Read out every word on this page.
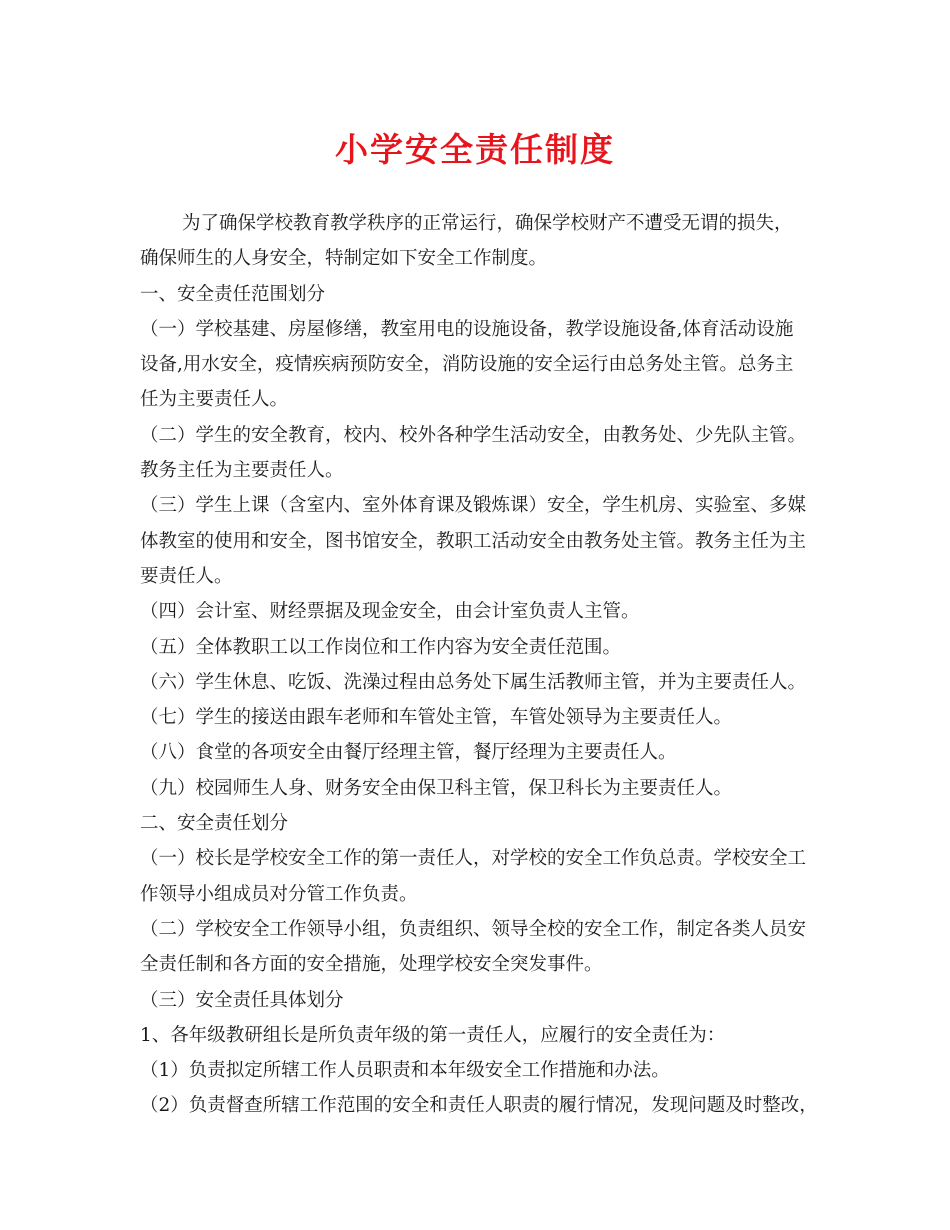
小学安全责任制度

为了确保学校教育教学秩序的正常运行，确保学校财产不遭受无谓的损失，

确保师生的人身安全，特制定如下安全工作制度。

一、安全责任范围划分

（一）学校基建、房屋修缮，教室用电的设施设备，教学设施设备,体育活动设施

设备,用水安全，疫情疾病预防安全，消防设施的安全运行由总务处主管。总务主

任为主要责任人。

（二）学生的安全教育，校内、校外各种学生活动安全，由教务处、少先队主管。

教务主任为主要责任人。

（三）学生上课（含室内、室外体育课及锻炼课）安全，学生机房、实验室、多媒

体教室的使用和安全，图书馆安全，教职工活动安全由教务处主管。教务主任为主

要责任人。

（四）会计室、财经票据及现金安全，由会计室负责人主管。

（五）全体教职工以工作岗位和工作内容为安全责任范围。

（六）学生休息、吃饭、洗澡过程由总务处下属生活教师主管，并为主要责任人。

（七）学生的接送由跟车老师和车管处主管，车管处领导为主要责任人。

（八）食堂的各项安全由餐厅经理主管，餐厅经理为主要责任人。

（九）校园师生人身、财务安全由保卫科主管，保卫科长为主要责任人。

二、安全责任划分

（一）校长是学校安全工作的第一责任人，对学校的安全工作负总责。学校安全工

作领导小组成员对分管工作负责。

（二）学校安全工作领导小组，负责组织、领导全校的安全工作，制定各类人员安

全责任制和各方面的安全措施，处理学校安全突发事件。

（三）安全责任具体划分

1、各年级教研组长是所负责年级的第一责任人，应履行的安全责任为：

（1）负责拟定所辖工作人员职责和本年级安全工作措施和办法。

（2）负责督查所辖工作范围的安全和责任人职责的履行情况，发现问题及时整改，
